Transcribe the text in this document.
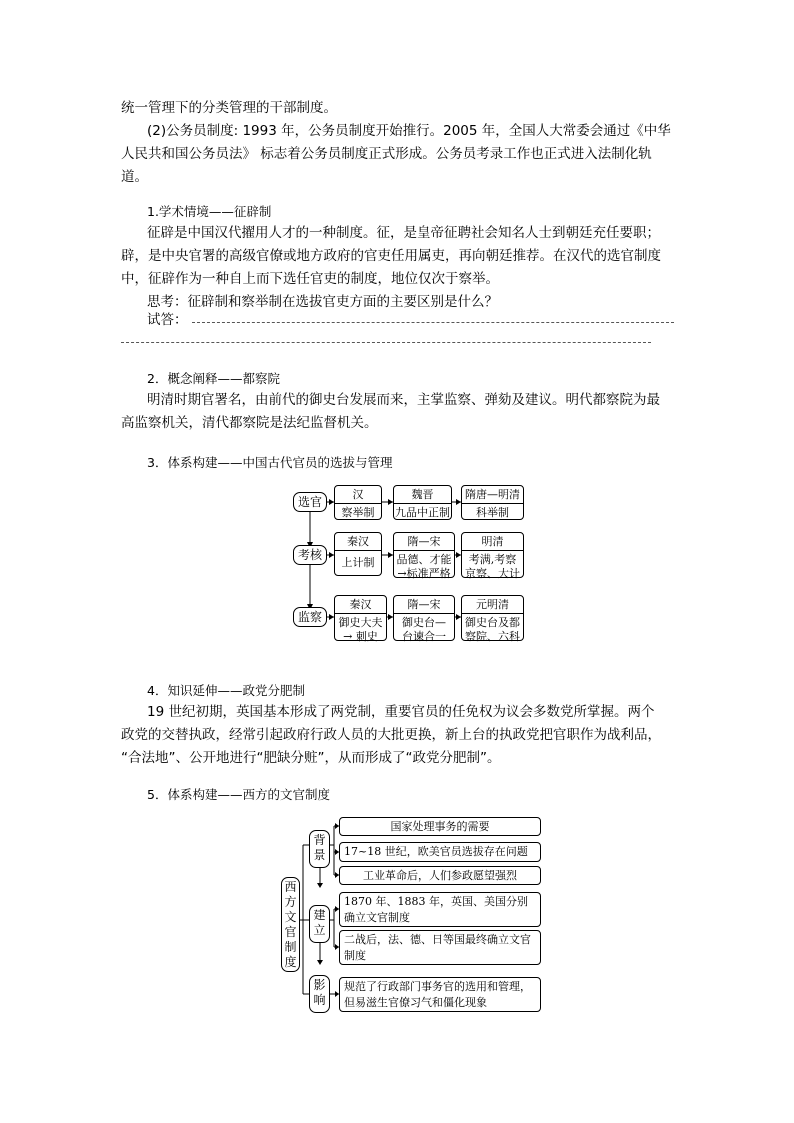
统一管理下的分类管理的干部制度。
(2)公务员制度: 1993 年，公务员制度开始推行。2005 年，全国人大常委会通过《中华
人民共和国公务员法》 标志着公务员制度正式形成。公务员考录工作也正式进入法制化轨
道。
1.学术情境——征辟制
征辟是中国汉代擢用人才的一种制度。征，是皇帝征聘社会知名人士到朝廷充任要职；
辟，是中央官署的高级官僚或地方政府的官吏任用属吏，再向朝廷推荐。在汉代的选官制度
中，征辟作为一种自上而下选任官吏的制度，地位仅次于察举。
思考：征辟制和察举制在选拔官吏方面的主要区别是什么？
试答：
2．概念阐释——都察院
明清时期官署名，由前代的御史台发展而来，主掌监察、弹劾及建议。明代都察院为最
高监察机关，清代都察院是法纪监督机关。
3．体系构建——中国古代官员的选拔与管理
选官
考核
监察
汉
察举制
魏晋
九品中正制
隋唐—明清
科举制
秦汉
上计制
隋—宋
品德、才能
→标准严格
明清
考满,考察
京察、大计
秦汉
御史大夫
→ 刺史
隋—宋
御史台—
台谏合一
元明清
御史台及都
察院、六科
4．知识延伸——政党分肥制
19 世纪初期，英国基本形成了两党制，重要官员的任免权为议会多数党所掌握。两个
政党的交替执政，经常引起政府行政人员的大批更换，新上台的执政党把官职作为战利品，
“合法地”、公开地进行“肥缺分赃”，从而形成了“政党分肥制”。
5．体系构建——西方的文官制度
西方文官制度
背景
建立
影响
国家处理事务的需要
17~18 世纪，欧美官员选拔存在问题
工业革命后，人们参政愿望强烈
1870 年、1883 年，英国、美国分别确立文官制度
二战后，法、德、日等国最终确立文官制度
规范了行政部门事务官的选用和管理，但易滋生官僚习气和僵化现象
